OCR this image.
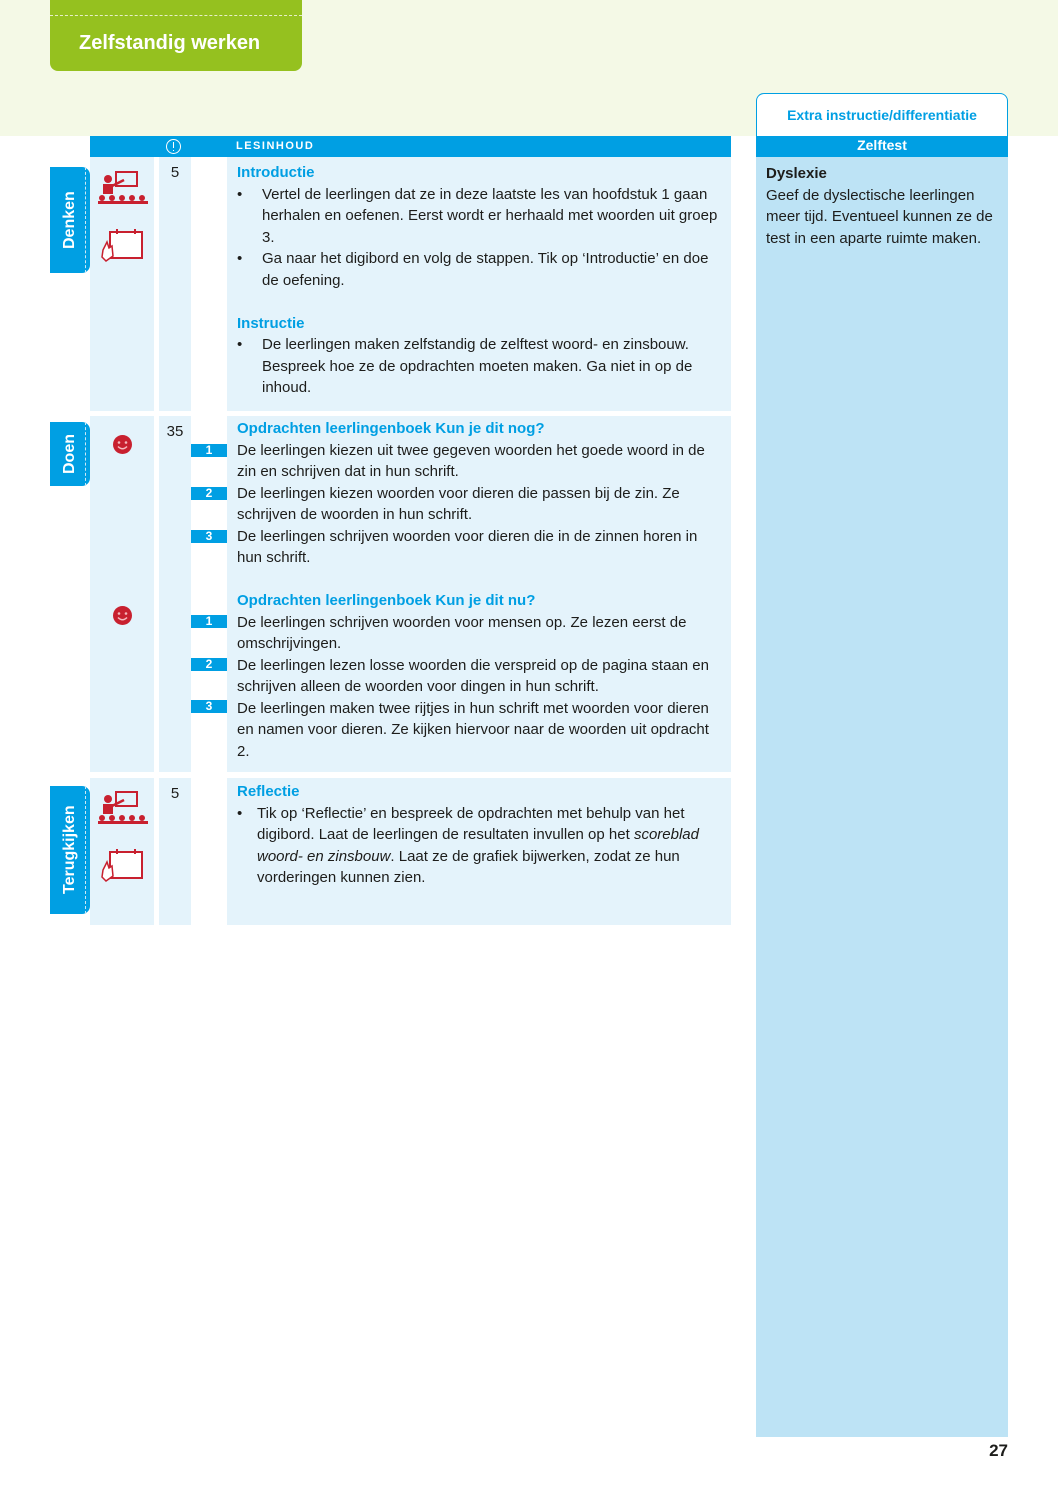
Zelfstandig werken
Extra instructie/differentiatie
LESINHOUD	Zelftest
Dyslexie
Geef de dyslectische leerlingen meer tijd. Eventueel kunnen ze de test in een aparte ruimte maken.
5
Denken
Introductie
• Vertel de leerlingen dat ze in deze laatste les van hoofdstuk 1 gaan herhalen en oefenen. Eerst wordt er herhaald met woorden uit groep 3.
• Ga naar het digibord en volg de stappen. Tik op ‘Introductie’ en doe de oefening.
Instructie
• De leerlingen maken zelfstandig de zelftest woord- en zinsbouw. Bespreek hoe ze de opdrachten moeten maken. Ga niet in op de inhoud.
35
Doen	1
2
3
1
2
3
Opdrachten leerlingenboek Kun je dit nog?
De leerlingen kiezen uit twee gegeven woorden het goede woord in de zin en schrijven dat in hun schrift.
De leerlingen kiezen woorden voor dieren die passen bij de zin. Ze schrijven de woorden in hun schrift.
De leerlingen schrijven woorden voor dieren die in de zinnen horen in hun schrift.
Opdrachten leerlingenboek Kun je dit nu?
De leerlingen schrijven woorden voor mensen op. Ze lezen eerst de omschrijvingen.
De leerlingen lezen losse woorden die verspreid op de pagina staan en schrijven alleen de woorden voor dingen in hun schrift.
De leerlingen maken twee rijtjes in hun schrift met woorden voor dieren en namen voor dieren. Ze kijken hiervoor naar de woorden uit opdracht 2.
5
Terugkijken
Reflectie
• Tik op ‘Reflectie’ en bespreek de opdrachten met behulp van het digibord. Laat de leerlingen de resultaten invullen op het scoreblad woord- en zinsbouw. Laat ze de grafiek bijwerken, zodat ze hun vorderingen kunnen zien.
27
